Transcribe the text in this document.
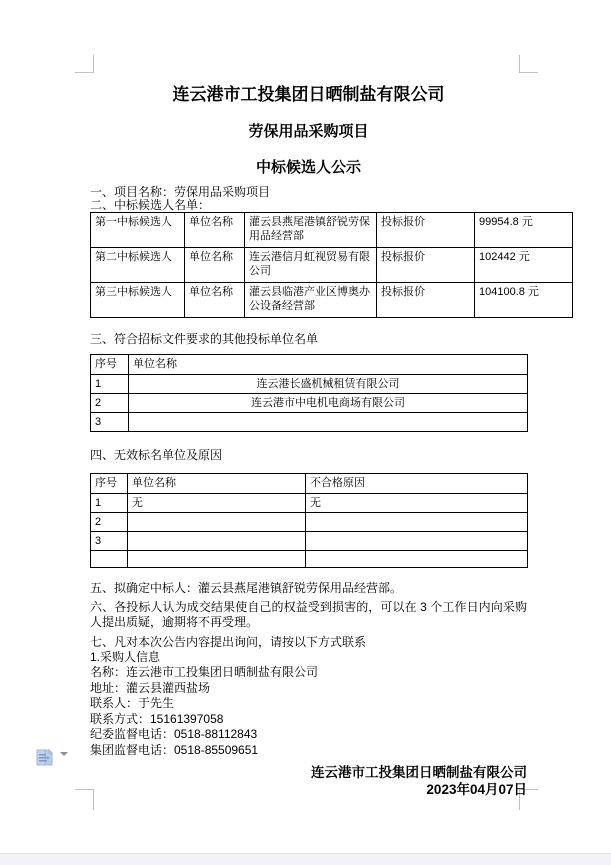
连云港市工投集团日晒制盐有限公司
劳保用品采购项目
中标候选人公示

一、项目名称：劳保用品采购项目

二、中标候选人名单：

第一中标候选人	单位名称	灌云县燕尾港镇舒锐劳保用品经营部	投标报价	99954.8 元
第二中标候选人	单位名称	连云港信月虹视贸易有限公司	投标报价	102442 元
第三中标候选人	单位名称	灌云县临港产业区博奥办公设备经营部	投标报价	104100.8 元

三、符合招标文件要求的其他投标单位名单

序号	单位名称
1	连云港长盛机械租赁有限公司
2	连云港市中电机电商场有限公司
3	

四、无效标名单位及原因

序号	单位名称	不合格原因
1	无	无
2		
3		

五、拟确定中标人：灌云县燕尾港镇舒锐劳保用品经营部。

六、各投标人认为成交结果使自己的权益受到损害的，可以在 3 个工作日内向采购人提出质疑，逾期将不再受理。

七、凡对本次公告内容提出询问，请按以下方式联系

1.采购人信息

名称：连云港市工投集团日晒制盐有限公司
地址：灌云县灌西盐场
联系人：于先生
联系方式：15161397058
纪委监督电话：0518-88112843
集团监督电话：0518-85509651
连云港市工投集团日晒制盐有限公司
2023年04月07日
